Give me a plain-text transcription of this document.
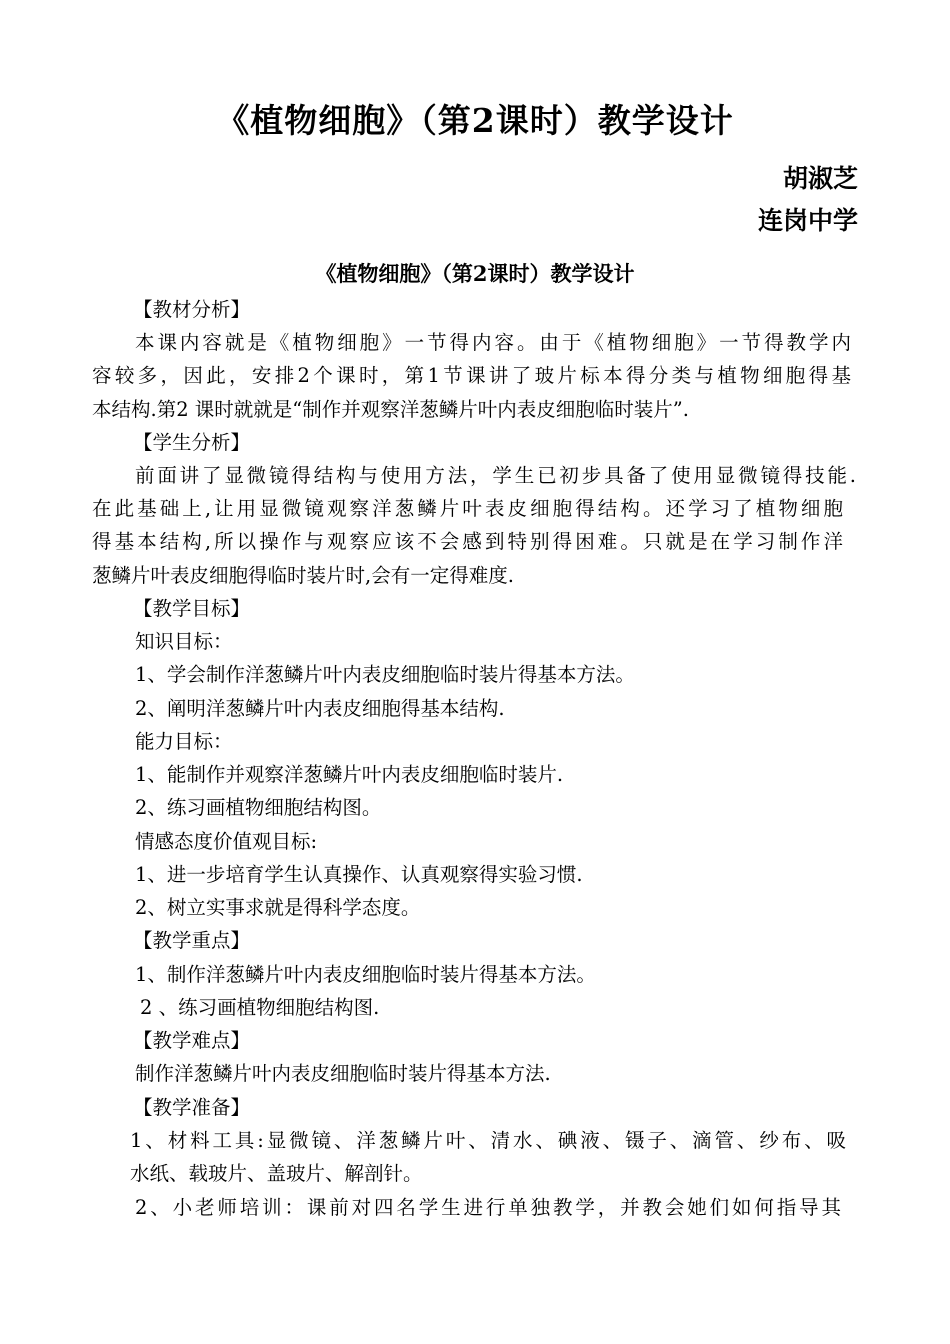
《植物细胞》（第2课时）教学设计
胡淑芝
连岗中学
《植物细胞》（第2课时）教学设计
【教材分析】
本课内容就是《植物细胞》一节得内容。由于《植物细胞》一节得教学内
容较多，因此，安排2个课时，第1节课讲了玻片标本得分类与植物细胞得基
本结构.第2 课时就就是“制作并观察洋葱鳞片叶内表皮细胞临时装片”.
【学生分析】
前面讲了显微镜得结构与使用方法，学生已初步具备了使用显微镜得技能.
在此基础上,让用显微镜观察洋葱鳞片叶表皮细胞得结构。还学习了植物细胞
得基本结构,所以操作与观察应该不会感到特别得困难。只就是在学习制作洋
葱鳞片叶表皮细胞得临时装片时,会有一定得难度.
【教学目标】
知识目标：
1、学会制作洋葱鳞片叶内表皮细胞临时装片得基本方法。
2、阐明洋葱鳞片叶内表皮细胞得基本结构.
能力目标：
1、能制作并观察洋葱鳞片叶内表皮细胞临时装片.
2、练习画植物细胞结构图。
情感态度价值观目标:
1、进一步培育学生认真操作、认真观察得实验习惯.
2、树立实事求就是得科学态度。
【教学重点】
1、制作洋葱鳞片叶内表皮细胞临时装片得基本方法。
2 、练习画植物细胞结构图.
【教学难点】
制作洋葱鳞片叶内表皮细胞临时装片得基本方法.
【教学准备】
1、材料工具:显微镜、洋葱鳞片叶、清水、碘液、镊子、滴管、纱布、吸
水纸、载玻片、盖玻片、解剖针。
2、小老师培训：课前对四名学生进行单独教学，并教会她们如何指导其
